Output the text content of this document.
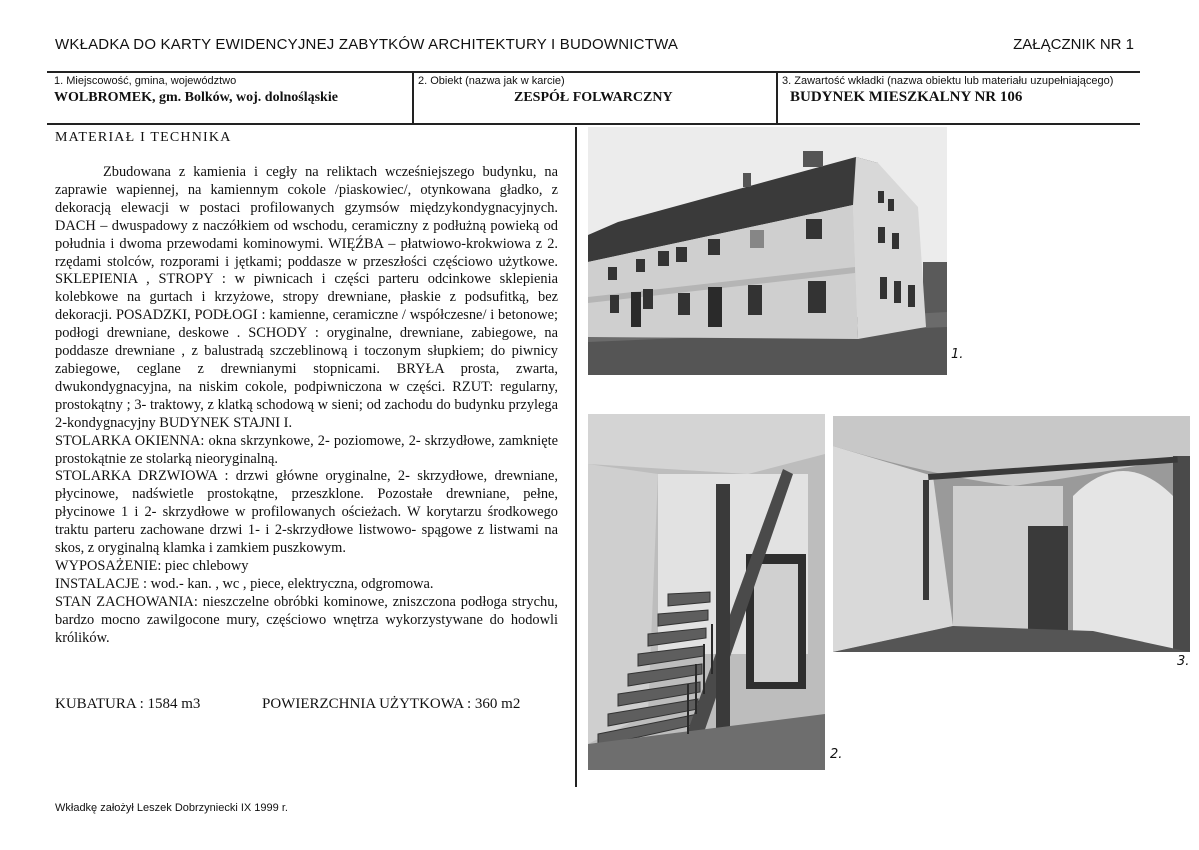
WKŁADKA DO KARTY EWIDENCYJNEJ ZABYTKÓW ARCHITEKTURY I BUDOWNICTWA	ZAŁĄCZNIK NR 1
1. Miejscowość, gmina, województwo
WOLBROMEK, gm. Bolków, woj. dolnośląskie
2. Obiekt (nazwa jak w karcie)
ZESPÓŁ FOLWARCZNY
3. Zawartość wkładki (nazwa obiektu lub materiału uzupełniającego)
BUDYNEK MIESZKALNY NR 106
MATERIAŁ I TECHNIKA

Zbudowana z kamienia i cegły na reliktach wcześniejszego budynku, na zaprawie wapiennej, na kamiennym cokole /piaskowiec/, otynkowana gładko, z dekoracją elewacji w postaci profilowanych gzymsów międzykondygnacyjnych. DACH – dwuspadowy z naczółkiem od wschodu, ceramiczny z podłużną powieką od południa i dwoma przewodami kominowymi. WIĘŹBA – płatwiowo-krokwiowa z 2. rzędami stolców, rozporami i jętkami; poddasze w przeszłości częściowo użytkowe. SKLEPIENIA , STROPY : w piwnicach i części parteru odcinkowe sklepienia kolebkowe na gurtach i krzyżowe, stropy drewniane, płaskie z podsufitką, bez dekoracji. POSADZKI, PODŁOGI : kamienne, ceramiczne / współczesne/ i betonowe; podłogi drewniane, deskowe . SCHODY : oryginalne, drewniane, zabiegowe, na poddasze drewniane , z balustradą szczeblinową i toczonym słupkiem; do piwnicy zabiegowe, ceglane z drewnianymi stopnicami. BRYŁA prosta, zwarta, dwukondygnacyjna, na niskim cokole, podpiwniczona w części. RZUT: regularny, prostokątny ; 3- traktowy, z klatką schodową w sieni; od zachodu do budynku przylega 2-kondygnacyjny BUDYNEK STAJNI I.

STOLARKA OKIENNA: okna skrzynkowe, 2- poziomowe, 2- skrzydłowe, zamknięte prostokątnie ze stolarką nieoryginalną.

STOLARKA DRZWIOWA : drzwi główne oryginalne, 2- skrzydłowe, drewniane, płycinowe, nadświetle prostokątne, przeszklone. Pozostałe drewniane, pełne, płycinowe 1 i 2- skrzydłowe w profilowanych ościeżach. W korytarzu środkowego traktu parteru zachowane drzwi 1- i 2-skrzydłowe listwowo- spągowe z listwami na skos, z oryginalną klamka i zamkiem puszkowym.

WYPOSAŻENIE: piec chlebowy

INSTALACJE : wod.- kan. , wc , piece, elektryczna, odgromowa.

STAN ZACHOWANIA: nieszczelne obróbki kominowe, zniszczona podłoga strychu, bardzo mocno zawilgocone mury, częściowo wnętrza wykorzystywane do hodowli królików.

KUBATURA : 1584 m3	POWIERZCHNIA UŻYTKOWA : 360 m2
1.
2.
3.
Wkładkę założył Leszek Dobrzyniecki IX 1999 r.
